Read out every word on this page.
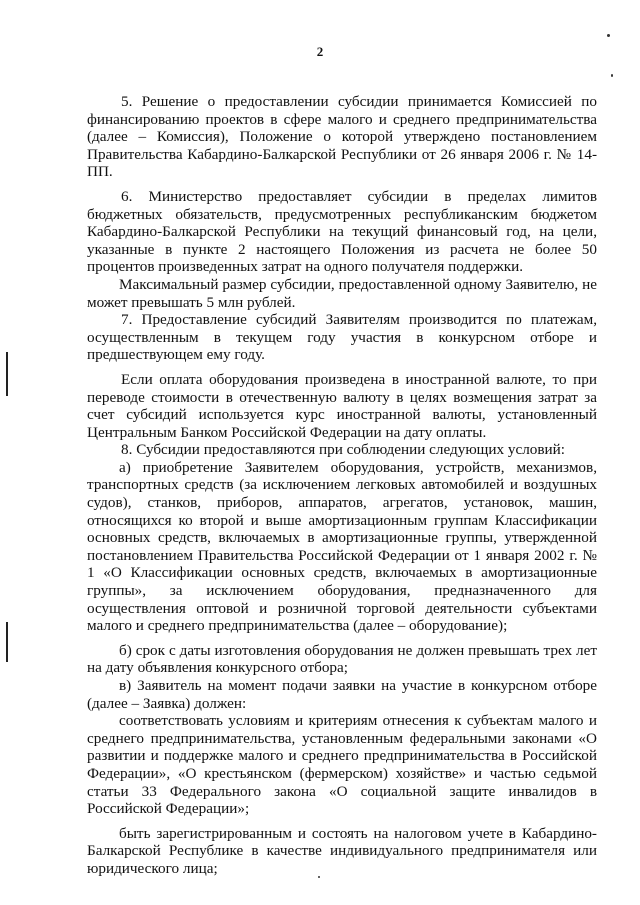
2

5. Решение о предоставлении субсидии принимается Комиссией по финансированию проектов в сфере малого и среднего предпринимательства (далее – Комиссия), Положение о которой утверждено постановлением Правительства Кабардино-Балкарской Республики от 26 января 2006 г. № 14-ПП.

6. Министерство предоставляет субсидии в пределах лимитов бюджетных обязательств, предусмотренных республиканским бюджетом Кабардино-Балкарской Республики на текущий финансовый год, на цели, указанные в пункте 2 настоящего Положения из расчета не более 50 процентов произведенных затрат на одного получателя поддержки.

Максимальный размер субсидии, предоставленной одному Заявителю, не может превышать 5 млн рублей.

7. Предоставление субсидий Заявителям производится по платежам, осуществленным в текущем году участия в конкурсном отборе и предшествующем ему году.

Если оплата оборудования произведена в иностранной валюте, то при переводе стоимости в отечественную валюту в целях возмещения затрат за счет субсидий используется курс иностранной валюты, установленный Центральным Банком Российской Федерации на дату оплаты.

8. Субсидии предоставляются при соблюдении следующих условий:

а) приобретение Заявителем оборудования, устройств, механизмов, транспортных средств (за исключением легковых автомобилей и воздушных судов), станков, приборов, аппаратов, агрегатов, установок, машин, относящихся ко второй и выше амортизационным группам Классификации основных средств, включаемых в амортизационные группы, утвержденной постановлением Правительства Российской Федерации от 1 января 2002 г. № 1 «О Классификации основных средств, включаемых в амортизационные группы», за исключением оборудования, предназначенного для осуществления оптовой и розничной торговой деятельности субъектами малого и среднего предпринимательства (далее – оборудование);

б) срок с даты изготовления оборудования не должен превышать трех лет на дату объявления конкурсного отбора;

в) Заявитель на момент подачи заявки на участие в конкурсном отборе (далее – Заявка) должен:

соответствовать условиям и критериям отнесения к субъектам малого и среднего предпринимательства, установленным федеральными законами «О развитии и поддержке малого и среднего предпринимательства в Российской Федерации», «О крестьянском (фермерском) хозяйстве» и частью седьмой статьи 33 Федерального закона «О социальной защите инвалидов в Российской Федерации»;

быть зарегистрированным и состоять на налоговом учете в Кабардино-Балкарской Республике в качестве индивидуального предпринимателя или юридического лица;
